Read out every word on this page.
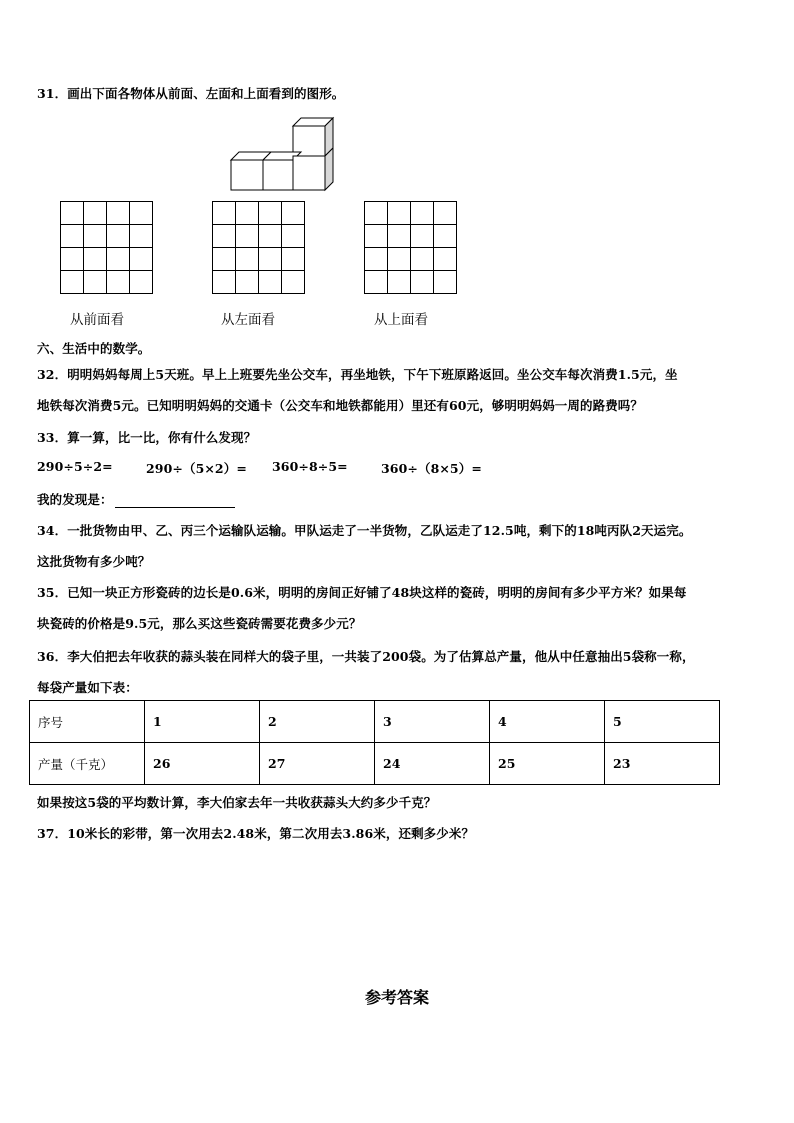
31．画出下面各物体从前面、左面和上面看到的图形。

从前面看	从左面看	从上面看
六、生活中的数学。
32．明明妈妈每周上5天班。早上上班要先坐公交车，再坐地铁，下午下班原路返回。坐公交车每次消费1.5元，坐
地铁每次消费5元。已知明明妈妈的交通卡（公交车和地铁都能用）里还有60元，够明明妈妈一周的路费吗？
33．算一算，比一比，你有什么发现？
290÷5÷2=	290÷（5×2）= 360÷8÷5=	360÷（8×5）=
我的发现是：
34．一批货物由甲、乙、丙三个运输队运输。甲队运走了一半货物，乙队运走了12.5吨，剩下的18吨丙队2天运完。
这批货物有多少吨？
35．已知一块正方形瓷砖的边长是0.6米，明明的房间正好铺了48块这样的瓷砖，明明的房间有多少平方米？如果每
块瓷砖的价格是9.5元，那么买这些瓷砖需要花费多少元？
36．李大伯把去年收获的蒜头装在同样大的袋子里，一共装了200袋。为了估算总产量，他从中任意抽出5袋称一称，
每袋产量如下表：
序号	1	2	3	4	5
产量（千克）	26	27	24	25	23
如果按这5袋的平均数计算，李大伯家去年一共收获蒜头大约多少千克？
37．10米长的彩带，第一次用去2.48米，第二次用去3.86米，还剩多少米？
参考答案
